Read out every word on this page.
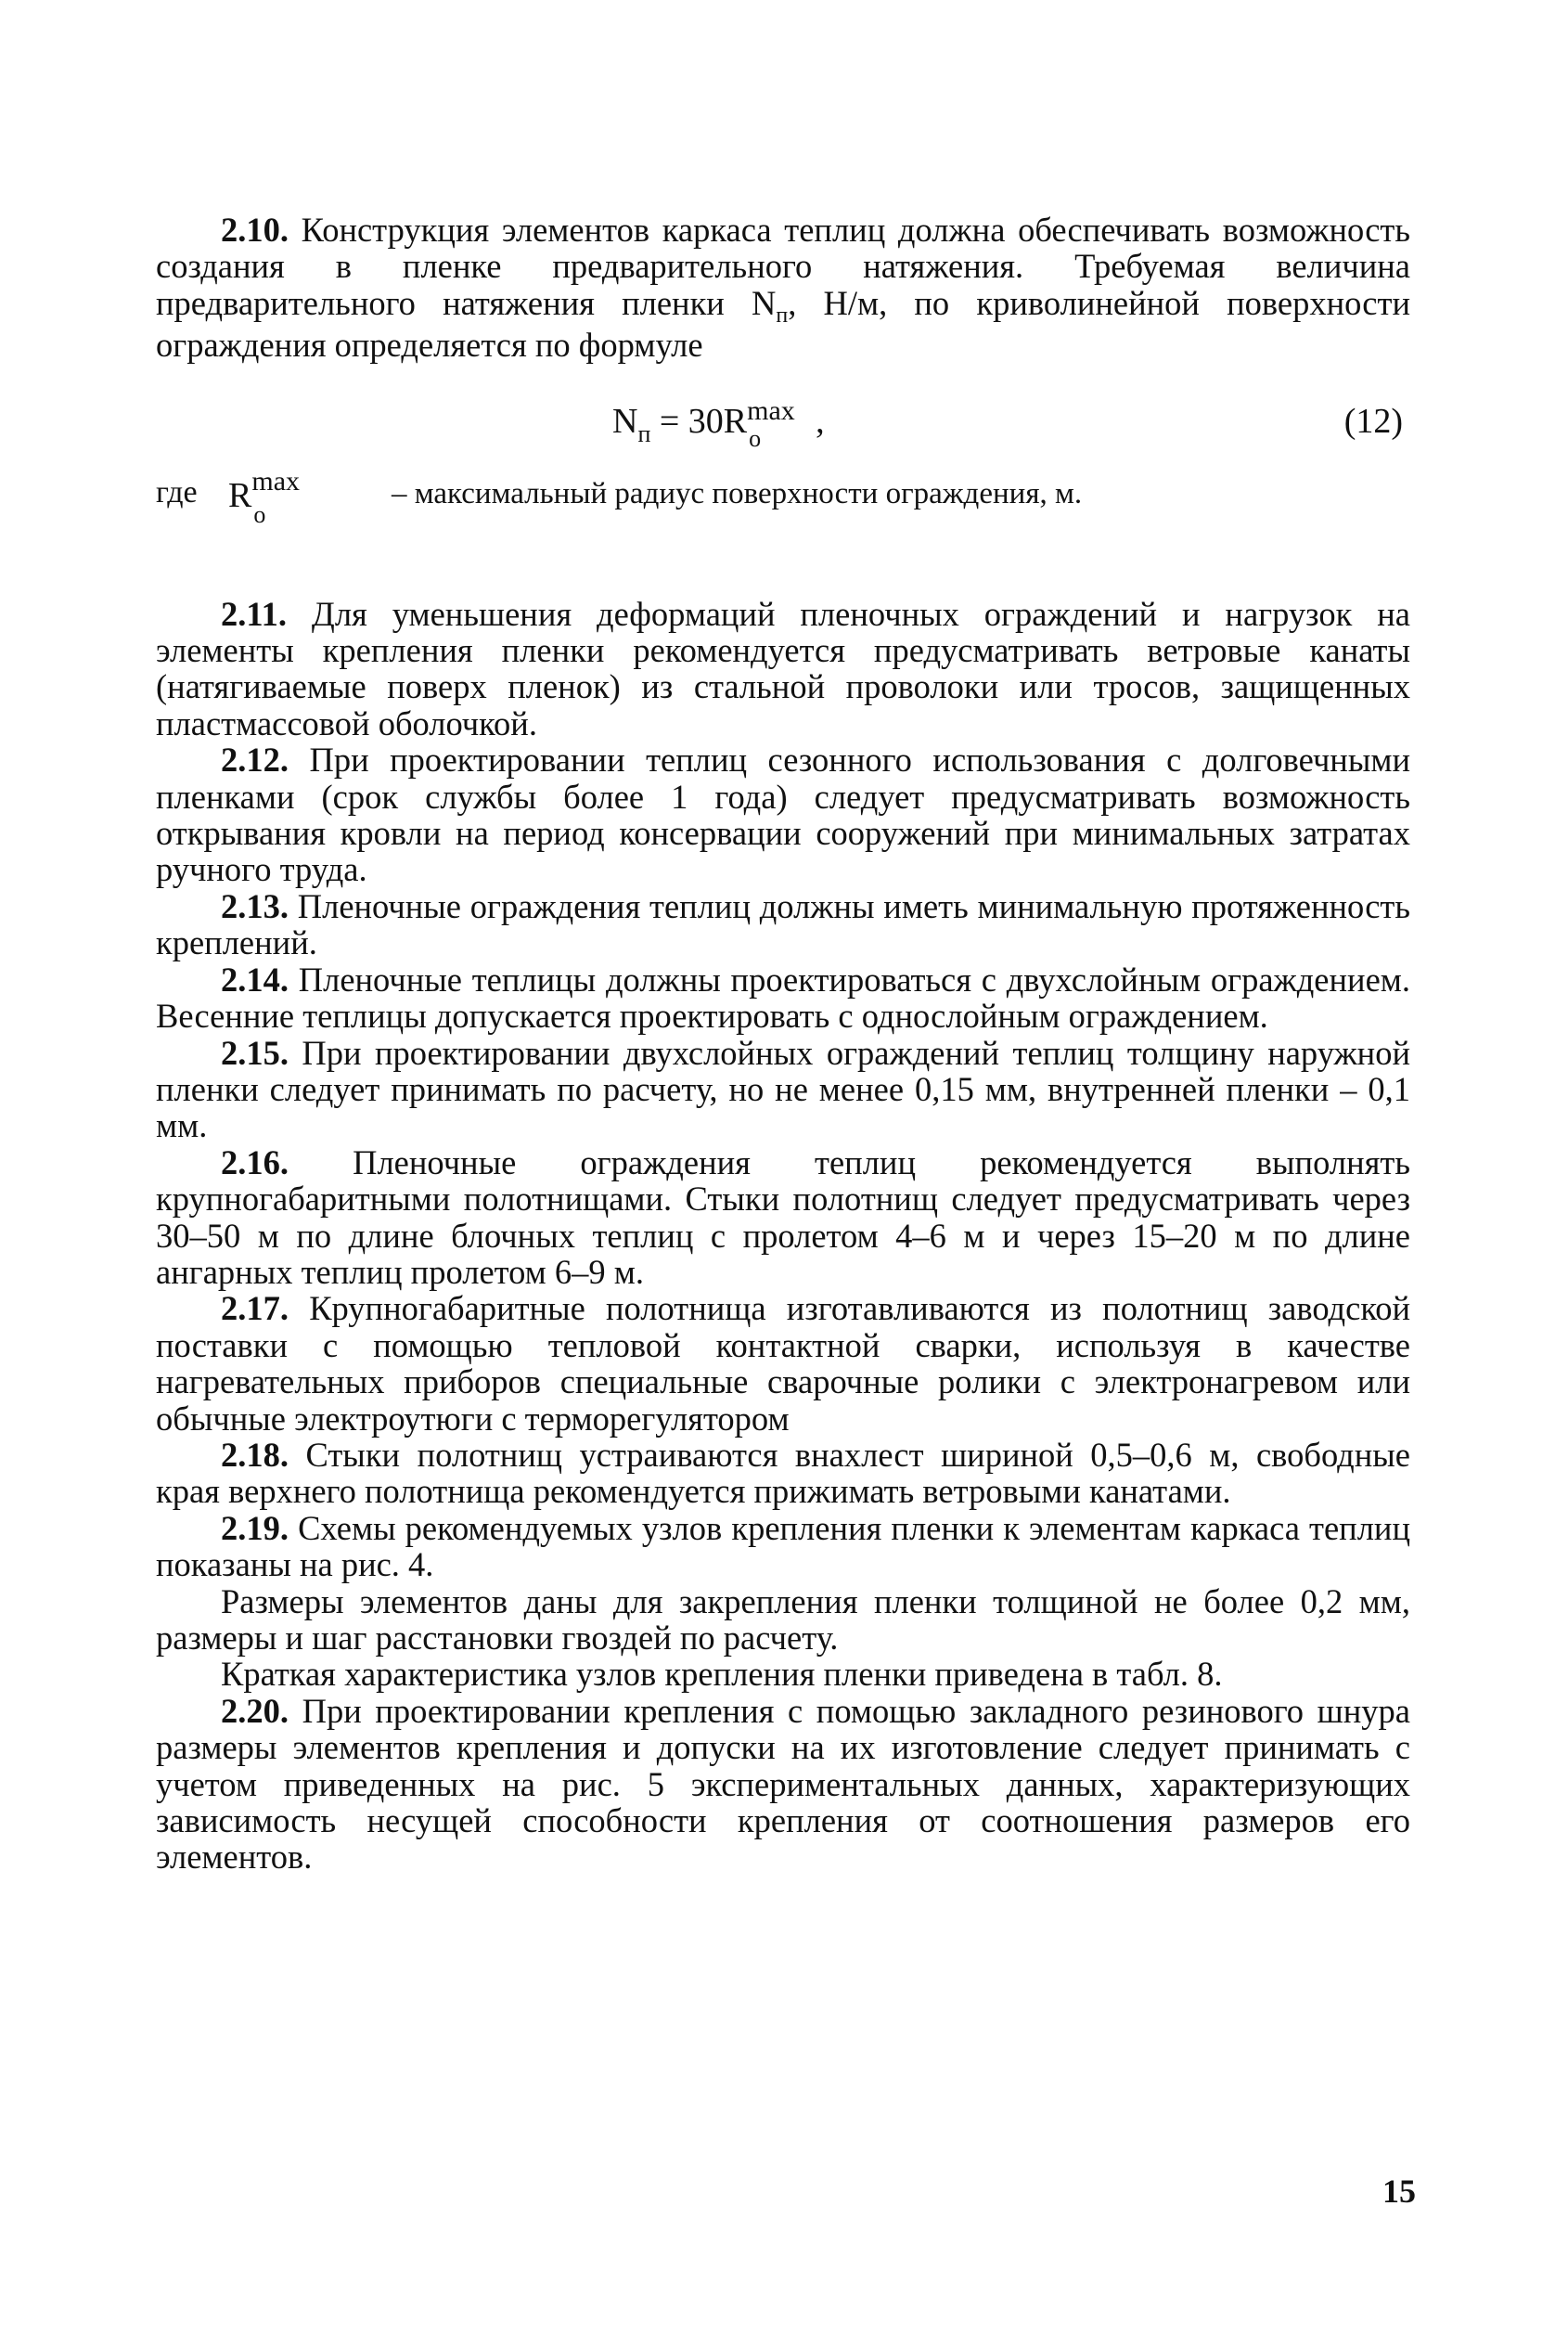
2.10. Конструкция элементов каркаса теплиц должна обеспечивать возможность создания в пленке предварительного натяжения. Требуемая величина предварительного натяжения пленки $N_п$, Н/м, по криволинейной поверхности ограждения определяется по формуле

$N_п = 30R$ max
o ,	(12)
где R max
o
– максимальный радиус поверхности ограждения, м.

2.11. Для уменьшения деформаций пленочных ограждений и нагрузок на элементы крепления пленки рекомендуется предусматривать ветровые канаты (натягиваемые поверх пленок) из стальной проволоки или тросов, защищенных пластмассовой оболочкой.

2.12. При проектировании теплиц сезонного использования с долговечными пленками (срок службы более 1 года) следует предусматривать возможность открывания кровли на период консервации сооружений при минимальных затратах ручного труда.

2.13. Пленочные ограждения теплиц должны иметь минимальную протяженность креплений.

2.14. Пленочные теплицы должны проектироваться с двухслойным ограждением. Весенние теплицы допускается проектировать с однослойным ограждением.

2.15. При проектировании двухслойных ограждений теплиц толщину наружной пленки следует принимать по расчету, но не менее 0,15 мм, внутренней пленки – 0,1 мм.

2.16. Пленочные ограждения теплиц рекомендуется выполнять крупногабаритными полотнищами. Стыки полотнищ следует предусматривать через 30–50 м по длине блочных теплиц с пролетом 4–6 м и через 15–20 м по длине ангарных теплиц пролетом 6–9 м.

2.17. Крупногабаритные полотнища изготавливаются из полотнищ заводской поставки с помощью тепловой контактной сварки, используя в качестве нагревательных приборов специальные сварочные ролики с электронагревом или обычные электроутюги с терморегулятором

2.18. Стыки полотнищ устраиваются внахлест шириной 0,5–0,6 м, свободные края верхнего полотнища рекомендуется прижимать ветровыми канатами.

2.19. Схемы рекомендуемых узлов крепления пленки к элементам каркаса теплиц показаны на рис. 4.

Размеры элементов даны для закрепления пленки толщиной не более 0,2 мм, размеры и шаг расстановки гвоздей по расчету.

Краткая характеристика узлов крепления пленки приведена в табл. 8.

2.20. При проектировании крепления с помощью закладного резинового шнура размеры элементов крепления и допуски на их изготовление следует принимать с учетом приведенных на рис. 5 экспериментальных данных, характеризующих зависимость несущей способности крепления от соотношения размеров его элементов.

15
